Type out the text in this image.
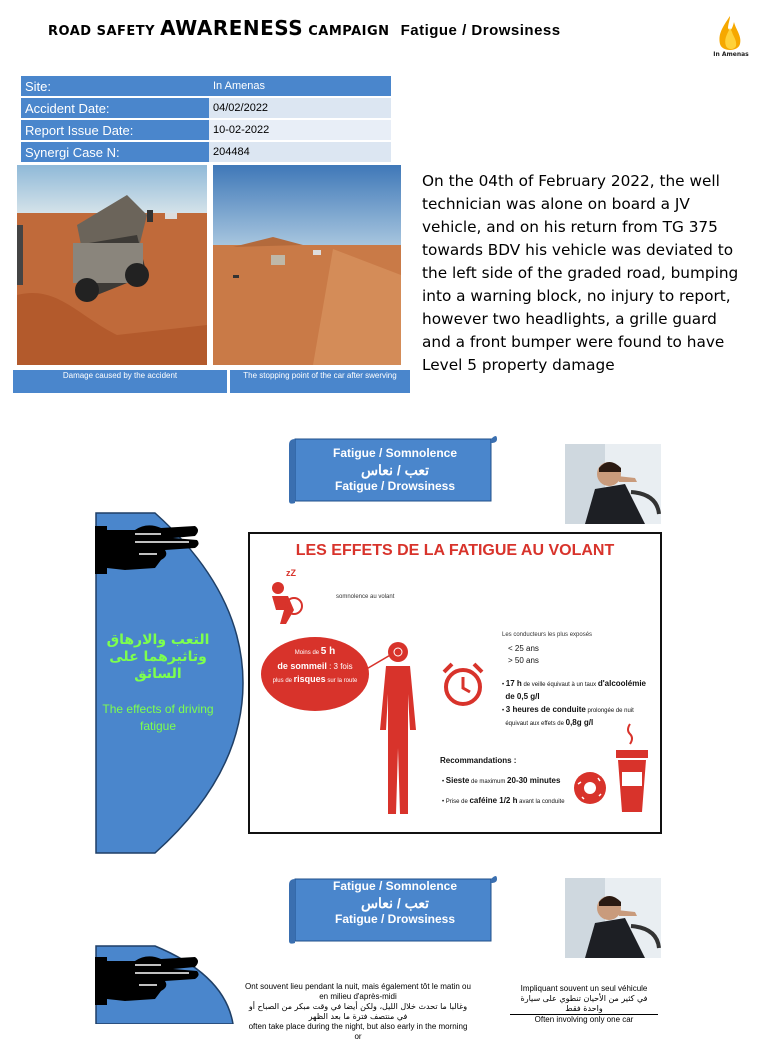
ROAD SAFETY AWARENESS CAMPAIGN Fatigue / Drowsiness
In Amenas
Site:	In Amenas
Accident Date:	04/02/2022
Report Issue Date:	10-02-2022
Synergi Case N:	204484
Damage caused by the accident	The stopping point of the car after swerving
On the 04th of February 2022, the well technician was alone on board a JV vehicle, and on his return from TG 375 towards BDV his vehicle was deviated to the left side of the graded road, bumping into a warning block, no injury to report, however two headlights, a grille guard and a front bumper were found to have Level 5 property damage
Fatigue / Somnolence
تعب / نعاس
Fatigue / Drowsiness
التعب والارهاق وتاثيرهما على السائق
The effects of driving fatigue
LES EFFETS DE LA FATIGUE AU VOLANT
zZ
somnolence au volant
Moins de 5 h
de sommeil : 3 fois
plus de risques sur la route
Les conducteurs les plus exposés
< 25 ans
> 50 ans
• 17 h de veille équivaut à un taux d'alcoolémie
de 0,5 g/l
• 3 heures de conduite prolongée de nuit
équivaut aux effets de 0,8g g/l
Recommandations :
• Sieste de maximum 20-30 minutes
• Prise de caféine 1/2 h avant la conduite
Fatigue / Somnolence
تعب / نعاس
Fatigue / Drowsiness
Ont souvent lieu pendant la nuit, mais également tôt le matin ou en milieu d'après-midi
وغالبا ما تحدث خلال الليل، ولكن أيضا في وقت مبكر من الصباح أو في منتصف فترة ما بعد الظهر
often take place during the night, but also early in the morning or
Impliquant souvent un seul véhicule
في كثير من الأحيان تنطوي على سيارة واحدة فقط
Often involving only one car
